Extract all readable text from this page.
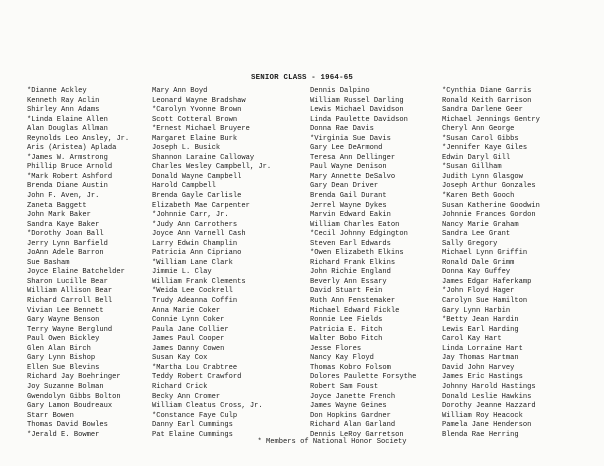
SENIOR CLASS - 1964-65
*Dianne Ackley
Kenneth Ray Aclin
Shirley Ann Adams
*Linda Elaine Allen
Alan Douglas Allman
Reynolds Leo Ansley, Jr.
Aris (Aristea) Aplada
*James W. Armstrong
Phillip Bruce Arnold
*Mark Robert Ashford
Brenda Diane Austin
John F. Aven, Jr.
Zaneta Baggett
John Mark Baker
Sandra Kaye Baker
*Dorothy Joan Ball
Jerry Lynn Barfield
JoAnn Adele Barron
Sue Basham
Joyce Elaine Batchelder
Sharon Lucille Bear
William Allison Bear
Richard Carroll Bell
Vivian Lee Bennett
Gary Wayne Benson
Terry Wayne Berglund
Paul Owen Bickley
Glen Alan Birch
Gary Lynn Bishop
Ellen Sue Blevins
Richard Jay Boehringer
Joy Suzanne Bolman
Gwendolyn Gibbs Bolton
Gary Lamon Boudreaux
Starr Bowen
Thomas David Bowles
*Jerald E. Bowmer
Mary Ann Boyd
Leonard Wayne Bradshaw
*Carolyn Yvonne Brown
Scott Cotteral Brown
*Ernest Michael Bruyere
Margaret Elaine Burk
Joseph L. Busick
Shannon Laraine Calloway
Charles Wesley Campbell, Jr.
Donald Wayne Campbell
Harold Campbell
Brenda Gayle Carlisle
Elizabeth Mae Carpenter
*Johnnie Carr, Jr.
*Judy Ann Carrothers
Joyce Ann Varnell Cash
Larry Edwin Champlin
Patricia Ann Cipriano
*William Lane Clark
Jimmie L. Clay
William Frank Clements
*Weida Lee Cockrell
Trudy Adeanna Coffin
Anna Marie Coker
Connie Lynn Coker
Paula Jane Collier
James Paul Cooper
James Danny Cowen
Susan Kay Cox
*Martha Lou Crabtree
Teddy Robert Crawford
Richard Crick
Becky Ann Cromer
William Cleatus Cross, Jr.
*Constance Faye Culp
Danny Earl Cummings
Pat Elaine Cummings
Dennis Dalpino
William Russel Darling
Lewis Michael Davidson
Linda Paulette Davidson
Donna Rae Davis
*Virginia Sue Davis
Gary Lee DeArmond
Teresa Ann Dellinger
Paul Wayne Denison
Mary Annette DeSalvo
Gary Dean Driver
Brenda Gail Durant
Jerrel Wayne Dykes
Marvin Edward Eakin
William Charles Eaton
*Cecil Johnny Edgington
Steven Earl Edwards
*Owen Elizabeth Elkins
Richard Frank Elkins
John Richie England
Beverly Ann Essary
David Stuart Fein
Ruth Ann Fenstemaker
Michael Edward Fickle
Ronnie Lee Fields
Patricia E. Fitch
Walter Bobo Fitch
Jesse Flores
Nancy Kay Floyd
Thomas Kobro Folsom
Dolores Paulette Forsythe
Robert Sam Foust
Joyce Janette French
James Wayne Geines
Don Hopkins Gardner
Richard Alan Garland
Dennis LeRoy Garretson
*Cynthia Diane Garris
Ronald Keith Garrison
Sandra Darlene Geer
Michael Jennings Gentry
Cheryl Ann George
*Susan Carol Gibbs
*Jennifer Kaye Giles
Edwin Daryl Gill
*Susan Gillham
Judith Lynn Glasgow
Joseph Arthur Gonzales
*Karen Beth Gooch
Susan Katherine Goodwin
Johnnie Frances Gordon
Nancy Marie Graham
Sandra Lee Grant
Sally Gregory
Michael Lynn Griffin
Ronald Dale Grimm
Donna Kay Guffey
James Edgar Haferkamp
*John Floyd Hager
Carolyn Sue Hamilton
Gary Lynn Harbin
*Betty Jean Hardin
Lewis Earl Harding
Carol Kay Hart
Linda Lorraine Hart
Jay Thomas Hartman
David John Harvey
James Eric Hastings
Johnny Harold Hastings
Donald Leslie Hawkins
Dorothy Jeanne Hazzard
William Roy Heacock
Pamela Jane Henderson
Blenda Rae Herring
* Members of National Honor Society
